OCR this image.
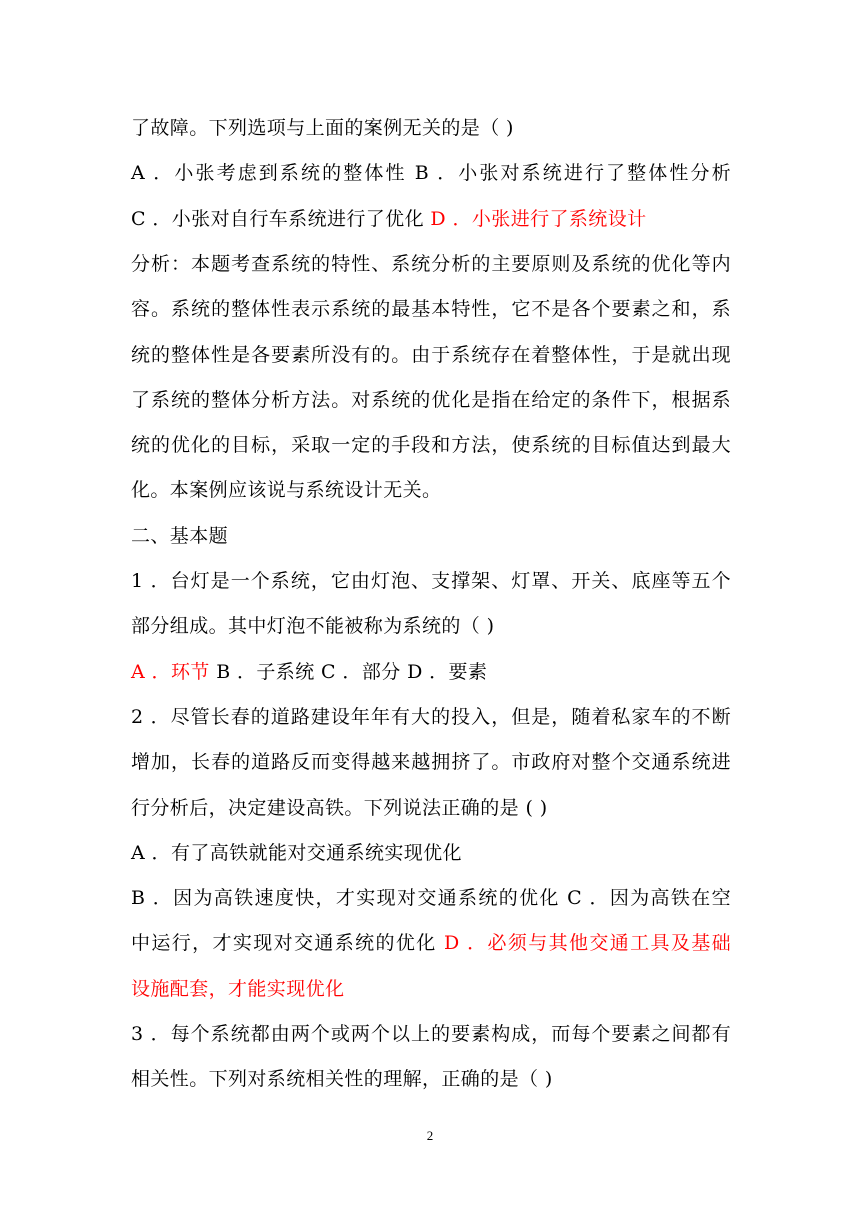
了故障。下列选项与上面的案例无关的是（ )
A ．小张考虑到系统的整体性 B ．小张对系统进行了整体性分析
C ．小张对自行车系统进行了优化 D ．小张进行了系统设计
分析：本题考查系统的特性、系统分析的主要原则及系统的优化等内
容。系统的整体性表示系统的最基本特性，它不是各个要素之和，系
统的整体性是各要素所没有的。由于系统存在着整体性，于是就出现
了系统的整体分析方法。对系统的优化是指在给定的条件下，根据系
统的优化的目标，采取一定的手段和方法，使系统的目标值达到最大
化。本案例应该说与系统设计无关。
二、基本题
1 ．台灯是一个系统，它由灯泡、支撑架、灯罩、开关、底座等五个
部分组成。其中灯泡不能被称为系统的（ )
A ．环节 B ．子系统 C ．部分 D ．要素
2 ．尽管长春的道路建设年年有大的投入，但是，随着私家车的不断
增加，长春的道路反而变得越来越拥挤了。市政府对整个交通系统进
行分析后，决定建设高铁。下列说法正确的是 ( )
A ．有了高铁就能对交通系统实现优化
B ．因为高铁速度快，才实现对交通系统的优化 C ．因为高铁在空
中运行，才实现对交通系统的优化 D ．必须与其他交通工具及基础
设施配套，才能实现优化
3 ．每个系统都由两个或两个以上的要素构成，而每个要素之间都有
相关性。下列对系统相关性的理解，正确的是（ )
2
